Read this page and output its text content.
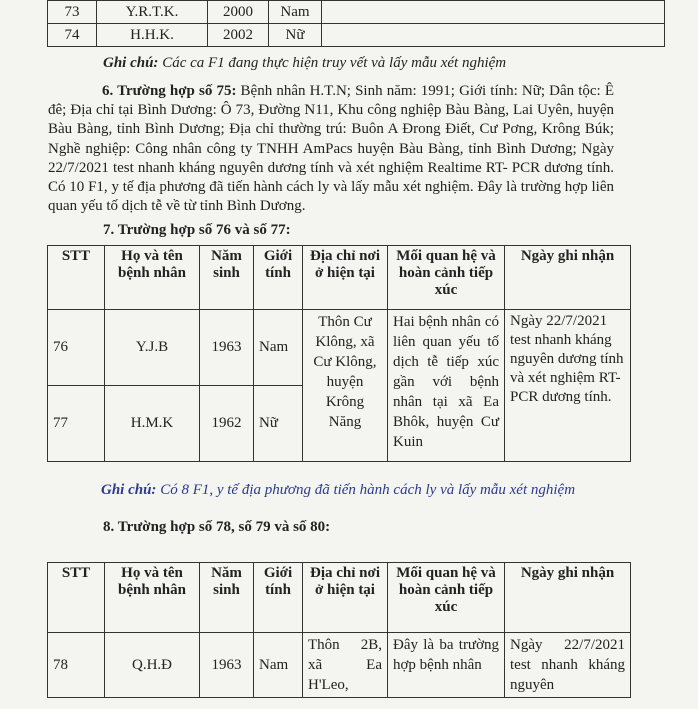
73	Y.R.T.K.	2000	Nam	
74	H.H.K.	2002	Nữ	
Ghi chú: Các ca F1 đang thực hiện truy vết và lấy mẫu xét nghiệm
6. Trường hợp số 75: Bệnh nhân H.T.N; Sinh năm: 1991; Giới tính: Nữ; Dân tộc: Ê đê; Địa chỉ tại Bình Dương: Ô 73, Đường N11, Khu công nghiệp Bàu Bàng, Lai Uyên, huyện Bàu Bàng, tỉnh Bình Dương; Địa chỉ thường trú: Buôn A Đrong Điết, Cư Pơng, Krông Búk; Nghề nghiệp: Công nhân công ty TNHH AmPacs huyện Bàu Bàng, tỉnh Bình Dương; Ngày 22/7/2021 test nhanh kháng nguyên dương tính và xét nghiệm Realtime RT- PCR dương tính. Có 10 F1, y tế địa phương đã tiến hành cách ly và lấy mẫu xét nghiệm. Đây là trường hợp liên quan yếu tố dịch tễ về từ tỉnh Bình Dương.
7. Trường hợp số 76 và số 77:
STT	Họ và tên bệnh nhân	Năm sinh	Giới tính	Địa chỉ nơi ở hiện tại	Mối quan hệ và hoàn cảnh tiếp xúc	Ngày ghi nhận
76	Y.J.B	1963	Nam	Thôn Cư Klông, xã Cư Klông, huyện Krông Năng	Hai bệnh nhân có liên quan yếu tố dịch tễ tiếp xúc gần với bệnh nhân tại xã Ea Bhôk, huyện Cư Kuin	Ngày 22/7/2021 test nhanh kháng nguyên dương tính và xét nghiệm RT- PCR dương tính.
77	H.M.K	1962	Nữ			
Ghi chú: Có 8 F1, y tế địa phương đã tiến hành cách ly và lấy mẫu xét nghiệm
8. Trường hợp số 78, số 79 và số 80:
STT	Họ và tên bệnh nhân	Năm sinh	Giới tính	Địa chỉ nơi ở hiện tại	Mối quan hệ và hoàn cảnh tiếp xúc	Ngày ghi nhận
78	Q.H.Đ	1963	Nam	Thôn 2B, xã Ea H'Leo,	Đây là ba trường hợp bệnh nhân	Ngày 22/7/2021 test nhanh kháng nguyên
